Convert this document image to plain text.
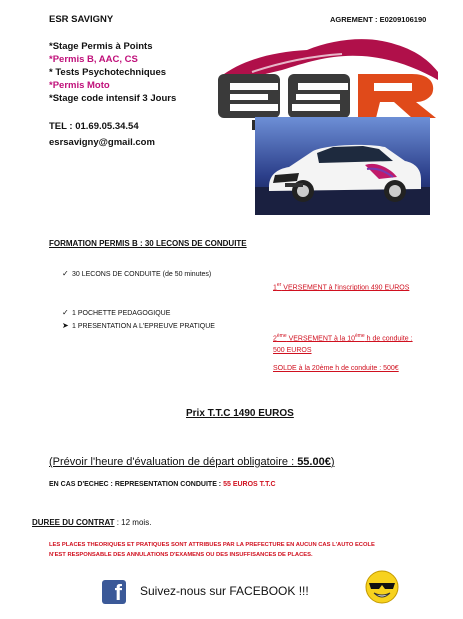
ESR SAVIGNY
*Stage Permis à Points
*Permis B, AAC, CS
* Tests Psychotechniques
*Permis Moto
*Stage code intensif 3 Jours
TEL : 01.69.05.34.54
esrsavigny@gmail.com
AGREMENT : E0209106190
FORMATION PERMIS B : 30 LECONS DE CONDUITE
✓ 30 LECONS DE CONDUITE (de 50 minutes)
✓ 1 POCHETTE PEDAGOGIQUE
➤ 1 PRESENTATION A L'EPREUVE PRATIQUE
1er VERSEMENT à l'inscription 490 EUROS
2ème VERSEMENT à la 10ème h de conduite :
500 EUROS
SOLDE à la 20ème h de conduite : 500€
Prix T.T.C 1490 EUROS
(Prévoir l'heure d'évaluation de départ obligatoire : 55.00€)
EN CAS D'ECHEC : REPRESENTATION CONDUITE : 55 EUROS T.T.C
DUREE DU CONTRAT : 12 mois.
LES PLACES THEORIQUES ET PRATIQUES SONT ATTRIBUES PAR LA PREFECTURE EN AUCUN CAS L'AUTO ECOLE
N'EST RESPONSABLE DES ANNULATIONS D'EXAMENS OU DES INSUFFISANCES DE PLACES.
f Suivez-nous sur FACEBOOK !!!
